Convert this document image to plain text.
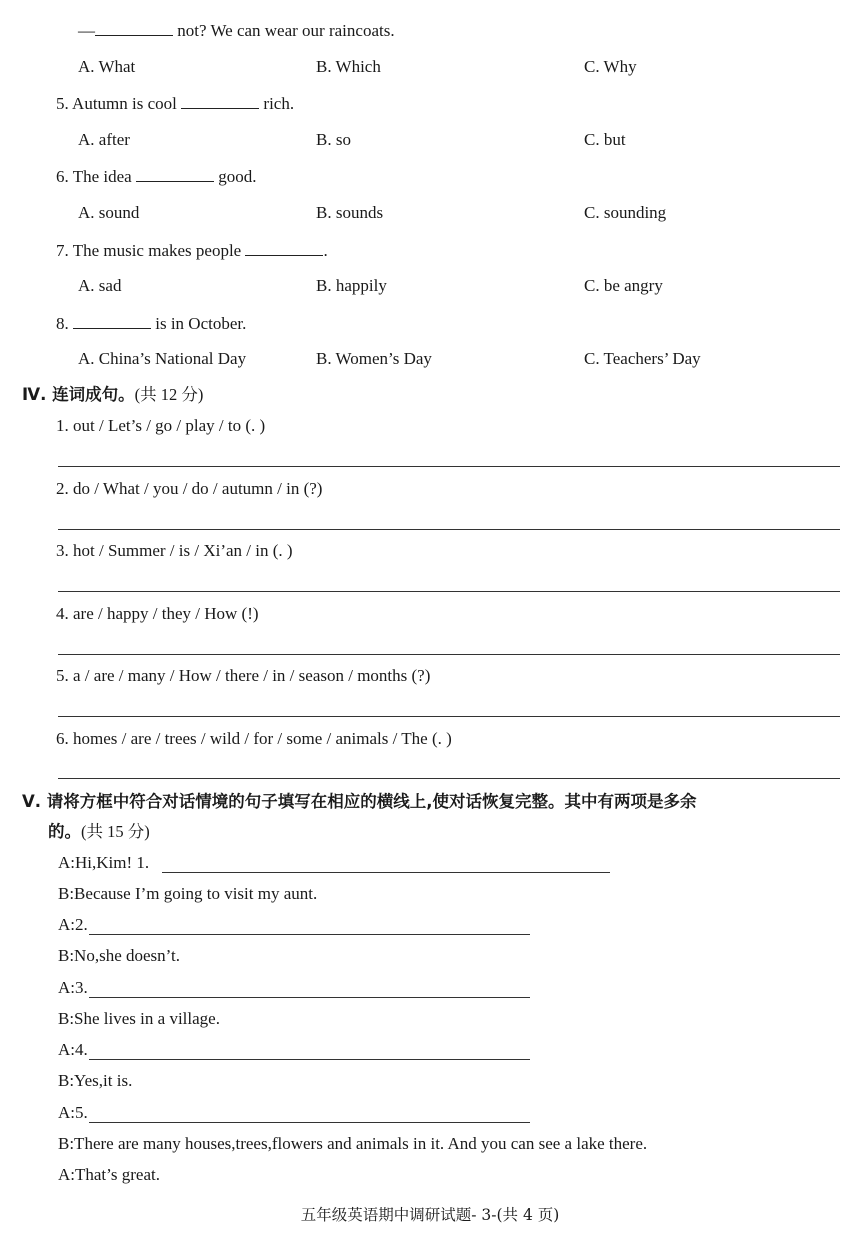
—	not? We can wear our raincoats.
A. What	B. Which	C. Why
5. Autumn is cool	rich.
A. after	B. so	C. but
6. The idea	good.
A. sound	B. sounds	C. sounding
7. The music makes people	.
A. sad	B. happily	C. be angry
8.	is in October.
A. China’s National Day	B. Women’s Day	C. Teachers’ Day
Ⅳ. 连词成句。(共 12 分)
1. out / Let’s / go / play / to (. )
2. do / What / you / do / autumn / in (?)
3. hot / Summer / is / Xi’an / in (. )
4. are / happy / they / How (!)
5. a / are / many / How / there / in / season / months (?)
6. homes / are / trees / wild / for / some / animals / The (. )
Ⅴ. 请将方框中符合对话情境的句子填写在相应的横线上,使对话恢复完整。其中有两项是多余
的。(共 15 分)
A:Hi,Kim! 1.
B:Because I’m going to visit my aunt.
A:2.
B:No,she doesn’t.
A:3.
B:She lives in a village.
A:4.
B:Yes,it is.
A:5.
B:There are many houses,trees,flowers and animals in it. And you can see a lake there.
A:That’s great.
五年级英语期中调研试题- 3-(共 4 页)
